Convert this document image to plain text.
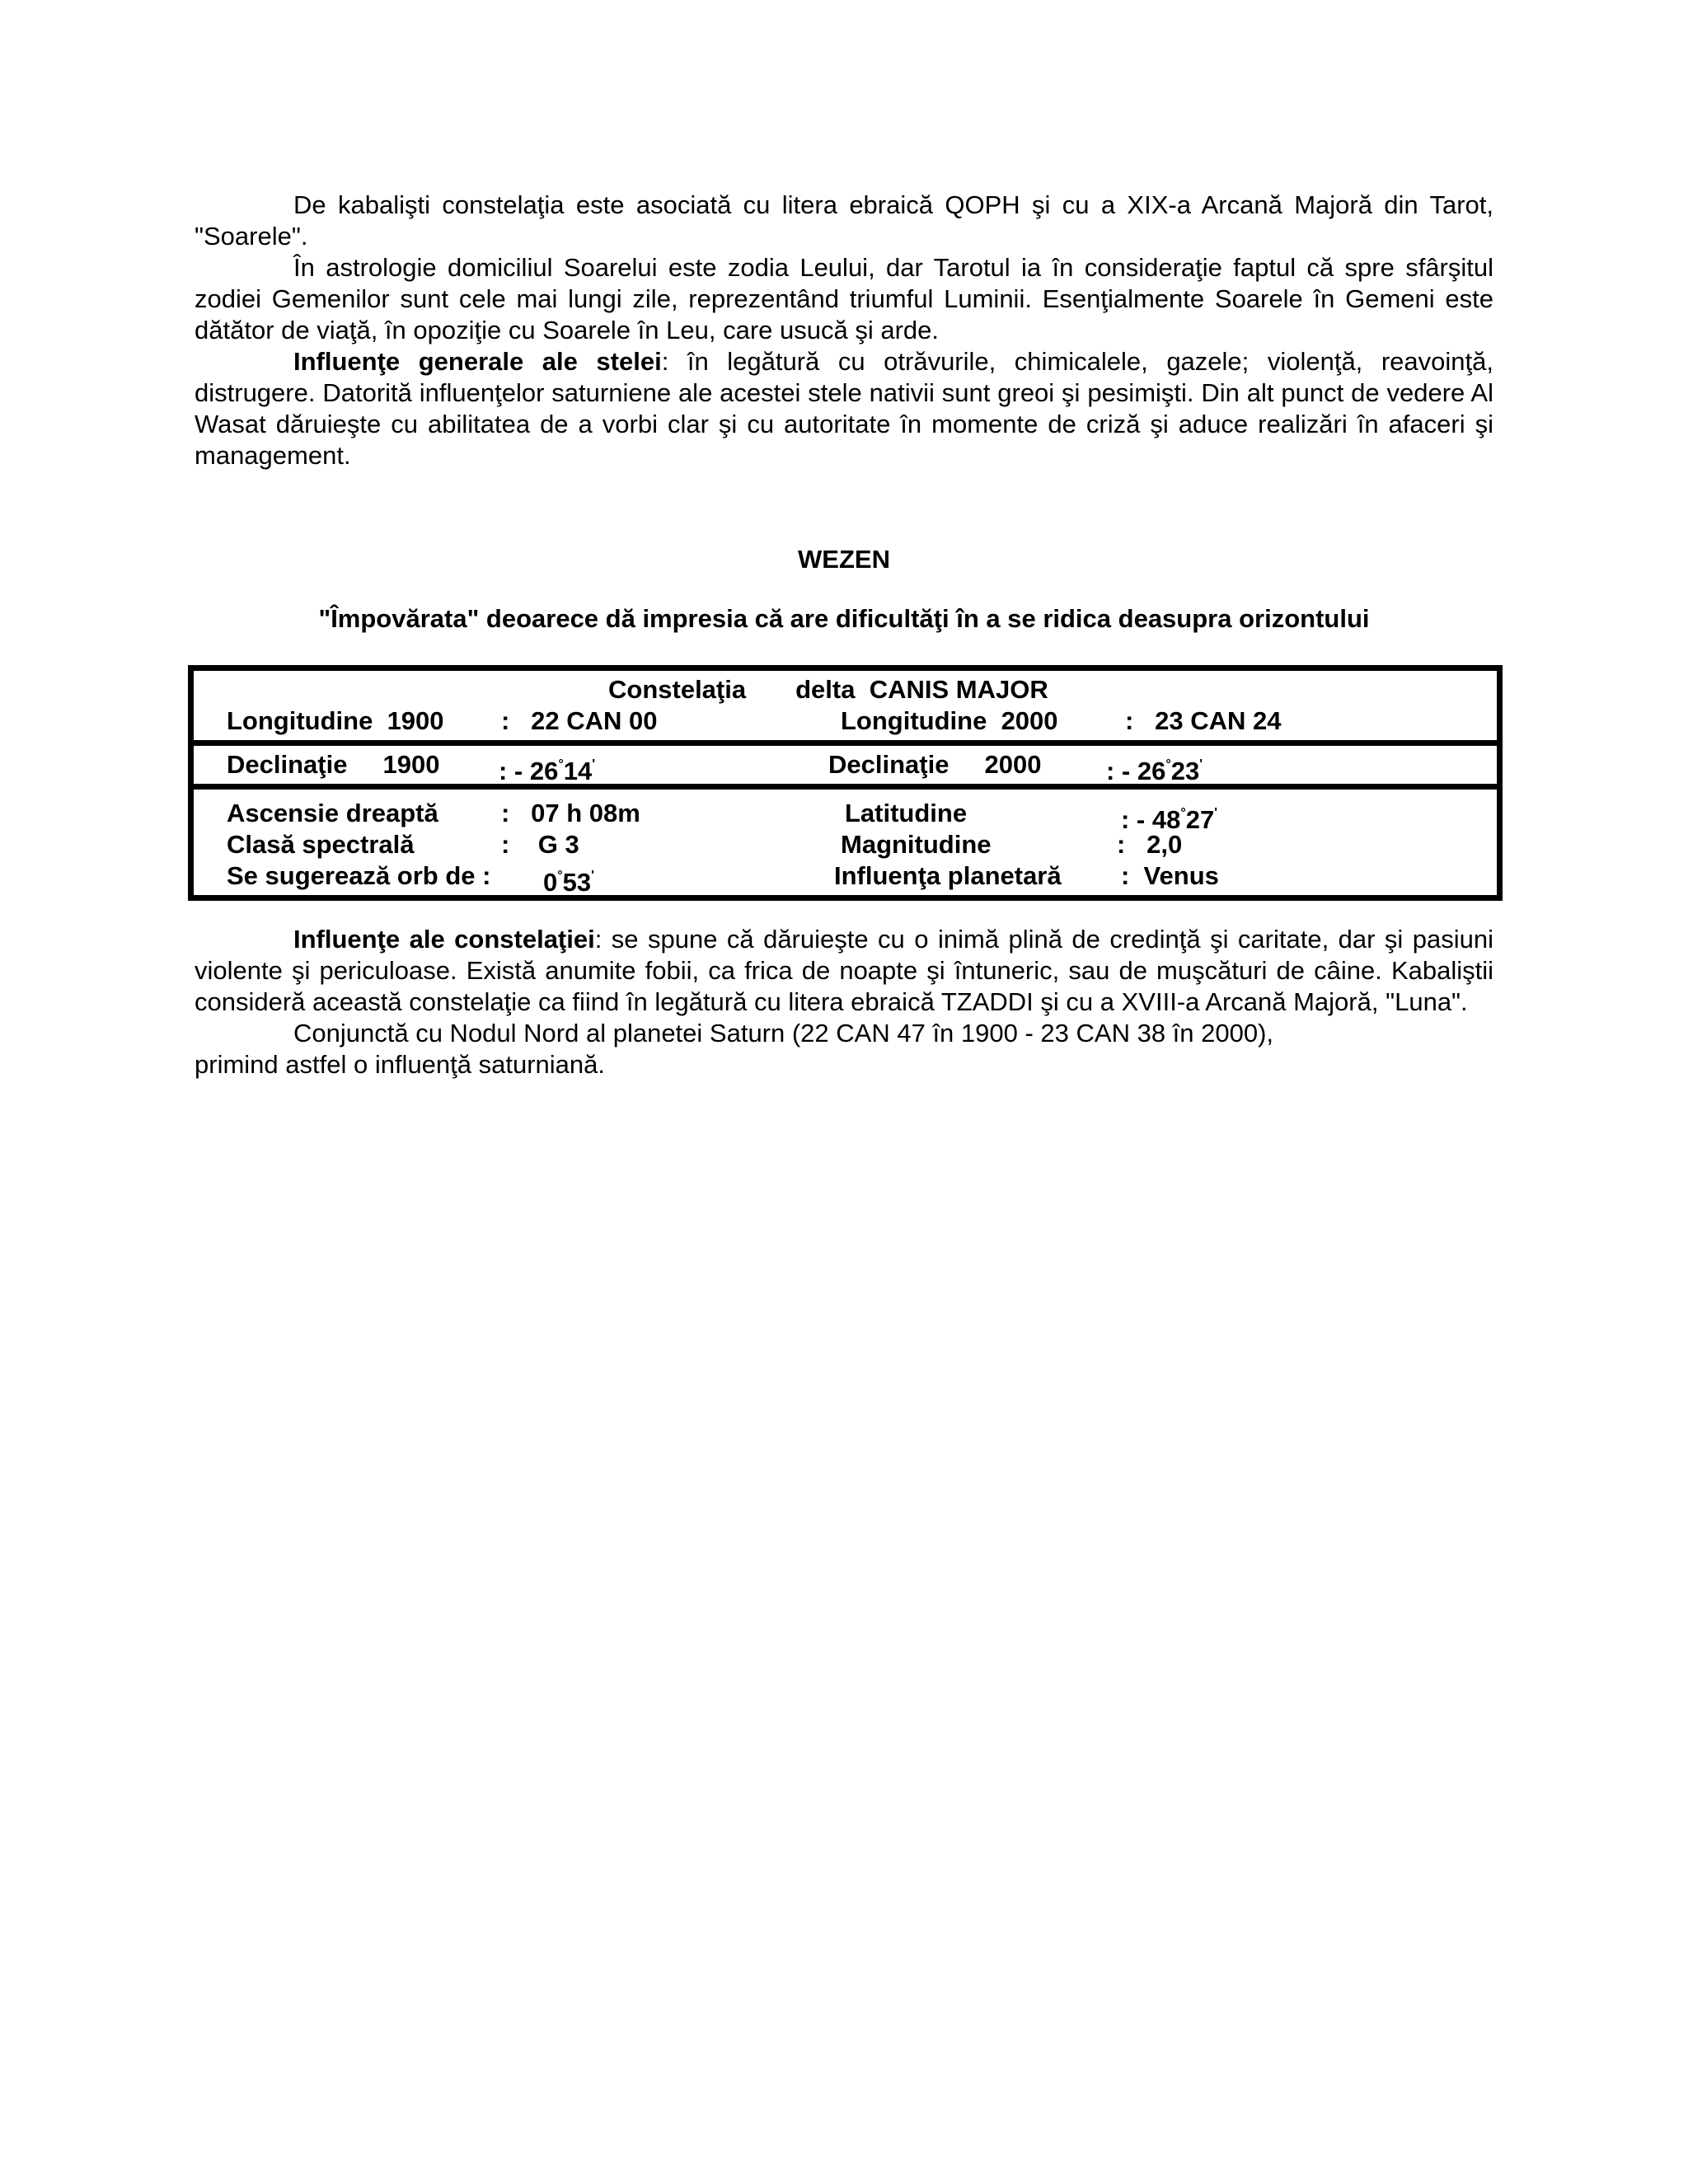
De kabalişti constelaţia este asociată cu litera ebraică QOPH şi cu a XIX-a Arcană Majoră din Tarot, "Soarele".

În astrologie domiciliul Soarelui este zodia Leului, dar Tarotul ia în consideraţie faptul că spre sfârşitul zodiei Gemenilor sunt cele mai lungi zile, reprezentând triumful Luminii. Esenţialmente Soarele în Gemeni este dătător de viaţă, în opoziţie cu Soarele în Leu, care usucă şi arde.

Influenţe generale ale stelei: în legătură cu otrăvurile, chimicalele, gazele; violenţă, reavoinţă, distrugere. Datorită influenţelor saturniene ale acestei stele nativii sunt greoi şi pesimişti. Din alt punct de vedere Al Wasat dăruieşte cu abilitatea de a vorbi clar şi cu autoritate în momente de criză şi aduce realizări în afaceri şi management.

WEZEN
"Împovărata" deoarece dă impresia că are dificultăţi în a se ridica deasupra orizontului
Constelaţia delta  CANIS MAJOR
Longitudine  1900 :   22 CAN 00	Longitudine  2000	:   23 CAN 24

Declinaţie     1900 : - 26°14'	Declinaţie     2000	: - 26°23'

Ascensie dreaptă :   07 h 08m	Latitudine	: - 48°27'
Clasă spectrală	:    G 3	Magnitudine	:   2,0
Se sugerează orb de : 0°53'	Influenţa planetară :  Venus

Influenţe ale constelaţiei: se spune că dăruieşte cu o inimă plină de credinţă şi caritate, dar şi pasiuni violente şi periculoase. Există anumite fobii, ca frica de noapte şi întuneric, sau de muşcături de câine. Kabaliştii consideră această constelaţie ca fiind în legătură cu litera ebraică TZADDI şi cu a XVIII-a Arcană Majoră, "Luna".

Conjunctă cu Nodul Nord al planetei Saturn (22 CAN 47 în 1900 - 23 CAN 38 în 2000),

primind astfel o influenţă saturniană.
